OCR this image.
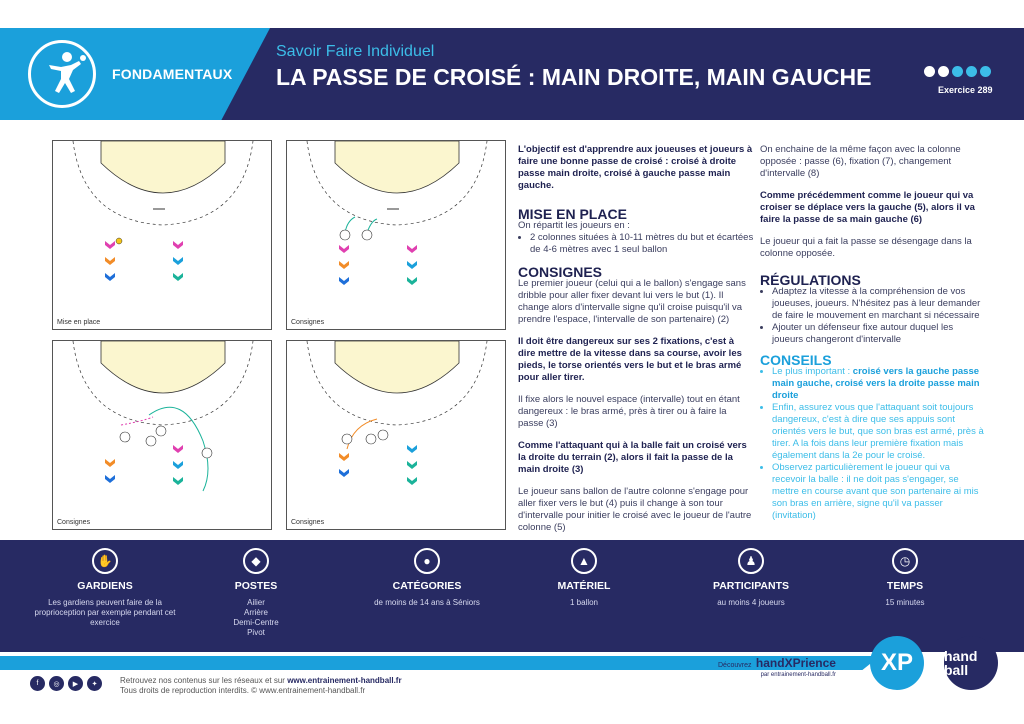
FONDAMENTAUX
Savoir Faire Individuel
LA PASSE DE CROISÉ : MAIN DROITE, MAIN GAUCHE	Exercice 289
Mise en place	Consignes
Consignes	Consignes
L'objectif est d'apprendre aux joueuses et joueurs à faire une bonne passe de croisé : croisé à droite passe main droite, croisé à gauche passe main gauche.
MISE EN PLACE
On répartit les joueurs en :
• 2 colonnes situées à 10-11 mètres du but et écartées de 4-6 mètres avec 1 seul ballon
CONSIGNES
Le premier joueur (celui qui a le ballon) s'engage sans dribble pour aller fixer devant lui vers le but (1). Il change alors d'intervalle signe qu'il croise puisqu'il va prendre l'espace, l'intervalle de son partenaire) (2)
Il doit être dangereux sur ses 2 fixations, c'est à dire mettre de la vitesse dans sa course, avoir les pieds, le torse orientés vers le but et le bras armé pour aller tirer.
Il fixe alors le nouvel espace (intervalle) tout en étant dangereux : le bras armé, près à tirer ou à faire la passe (3)
Comme l'attaquant qui à la balle fait un croisé vers la droite du terrain (2), alors il fait la passe de la main droite (3)
Le joueur sans ballon de l'autre colonne s'engage pour aller fixer vers le but (4) puis il change à son tour d'intervalle pour initier le croisé avec le joueur de l'autre colonne (5)
On enchaine de la même façon avec la colonne opposée : passe (6), fixation (7), changement d'intervalle (8)
Comme précédemment comme le joueur qui va croiser se déplace vers la gauche (5), alors il va faire la passe de sa main gauche (6)
Le joueur qui a fait la passe se désengage dans la colonne opposée.
RÉGULATIONS
• Adaptez la vitesse à la compréhension de vos joueuses, joueurs. N'hésitez pas à leur demander de faire le mouvement en marchant si nécessaire
• Ajouter un défenseur fixe autour duquel les joueurs changeront d'intervalle
CONSEILS
• Le plus important : croisé vers la gauche passe main gauche, croisé vers la droite passe main droite
• Enfin, assurez vous que l'attaquant soit toujours dangereux, c'est à dire que ses appuis sont orientés vers le but, que son bras est armé, près à tirer. A la fois dans leur première fixation mais également dans la 2e pour le croisé.
• Observez particulièrement le joueur qui va recevoir la balle : il ne doit pas s'engager, se mettre en course avant que son partenaire ai mis son bras en arrière, signe qu'il va passer (invitation)
✋
GARDIENS
Les gardiens peuvent faire de la proprioception par exemple pendant cet exercice
◆
POSTES
Ailier
Arrière
Demi-Centre
Pivot
●
CATÉGORIES
de moins de 14 ans à Séniors
▲
MATÉRIEL
1 ballon
♟
PARTICIPANTS
au moins 4 joueurs
◷
TEMPS
15 minutes
f	◎	▶	✦	Retrouvez nos contenus sur les réseaux et sur www.entrainement-handball.fr
Tous droits de reproduction interdits. © www.entrainement-handball.fr
Découvrez handXPrience
par entrainement-handball.fr	XP	hand ball
